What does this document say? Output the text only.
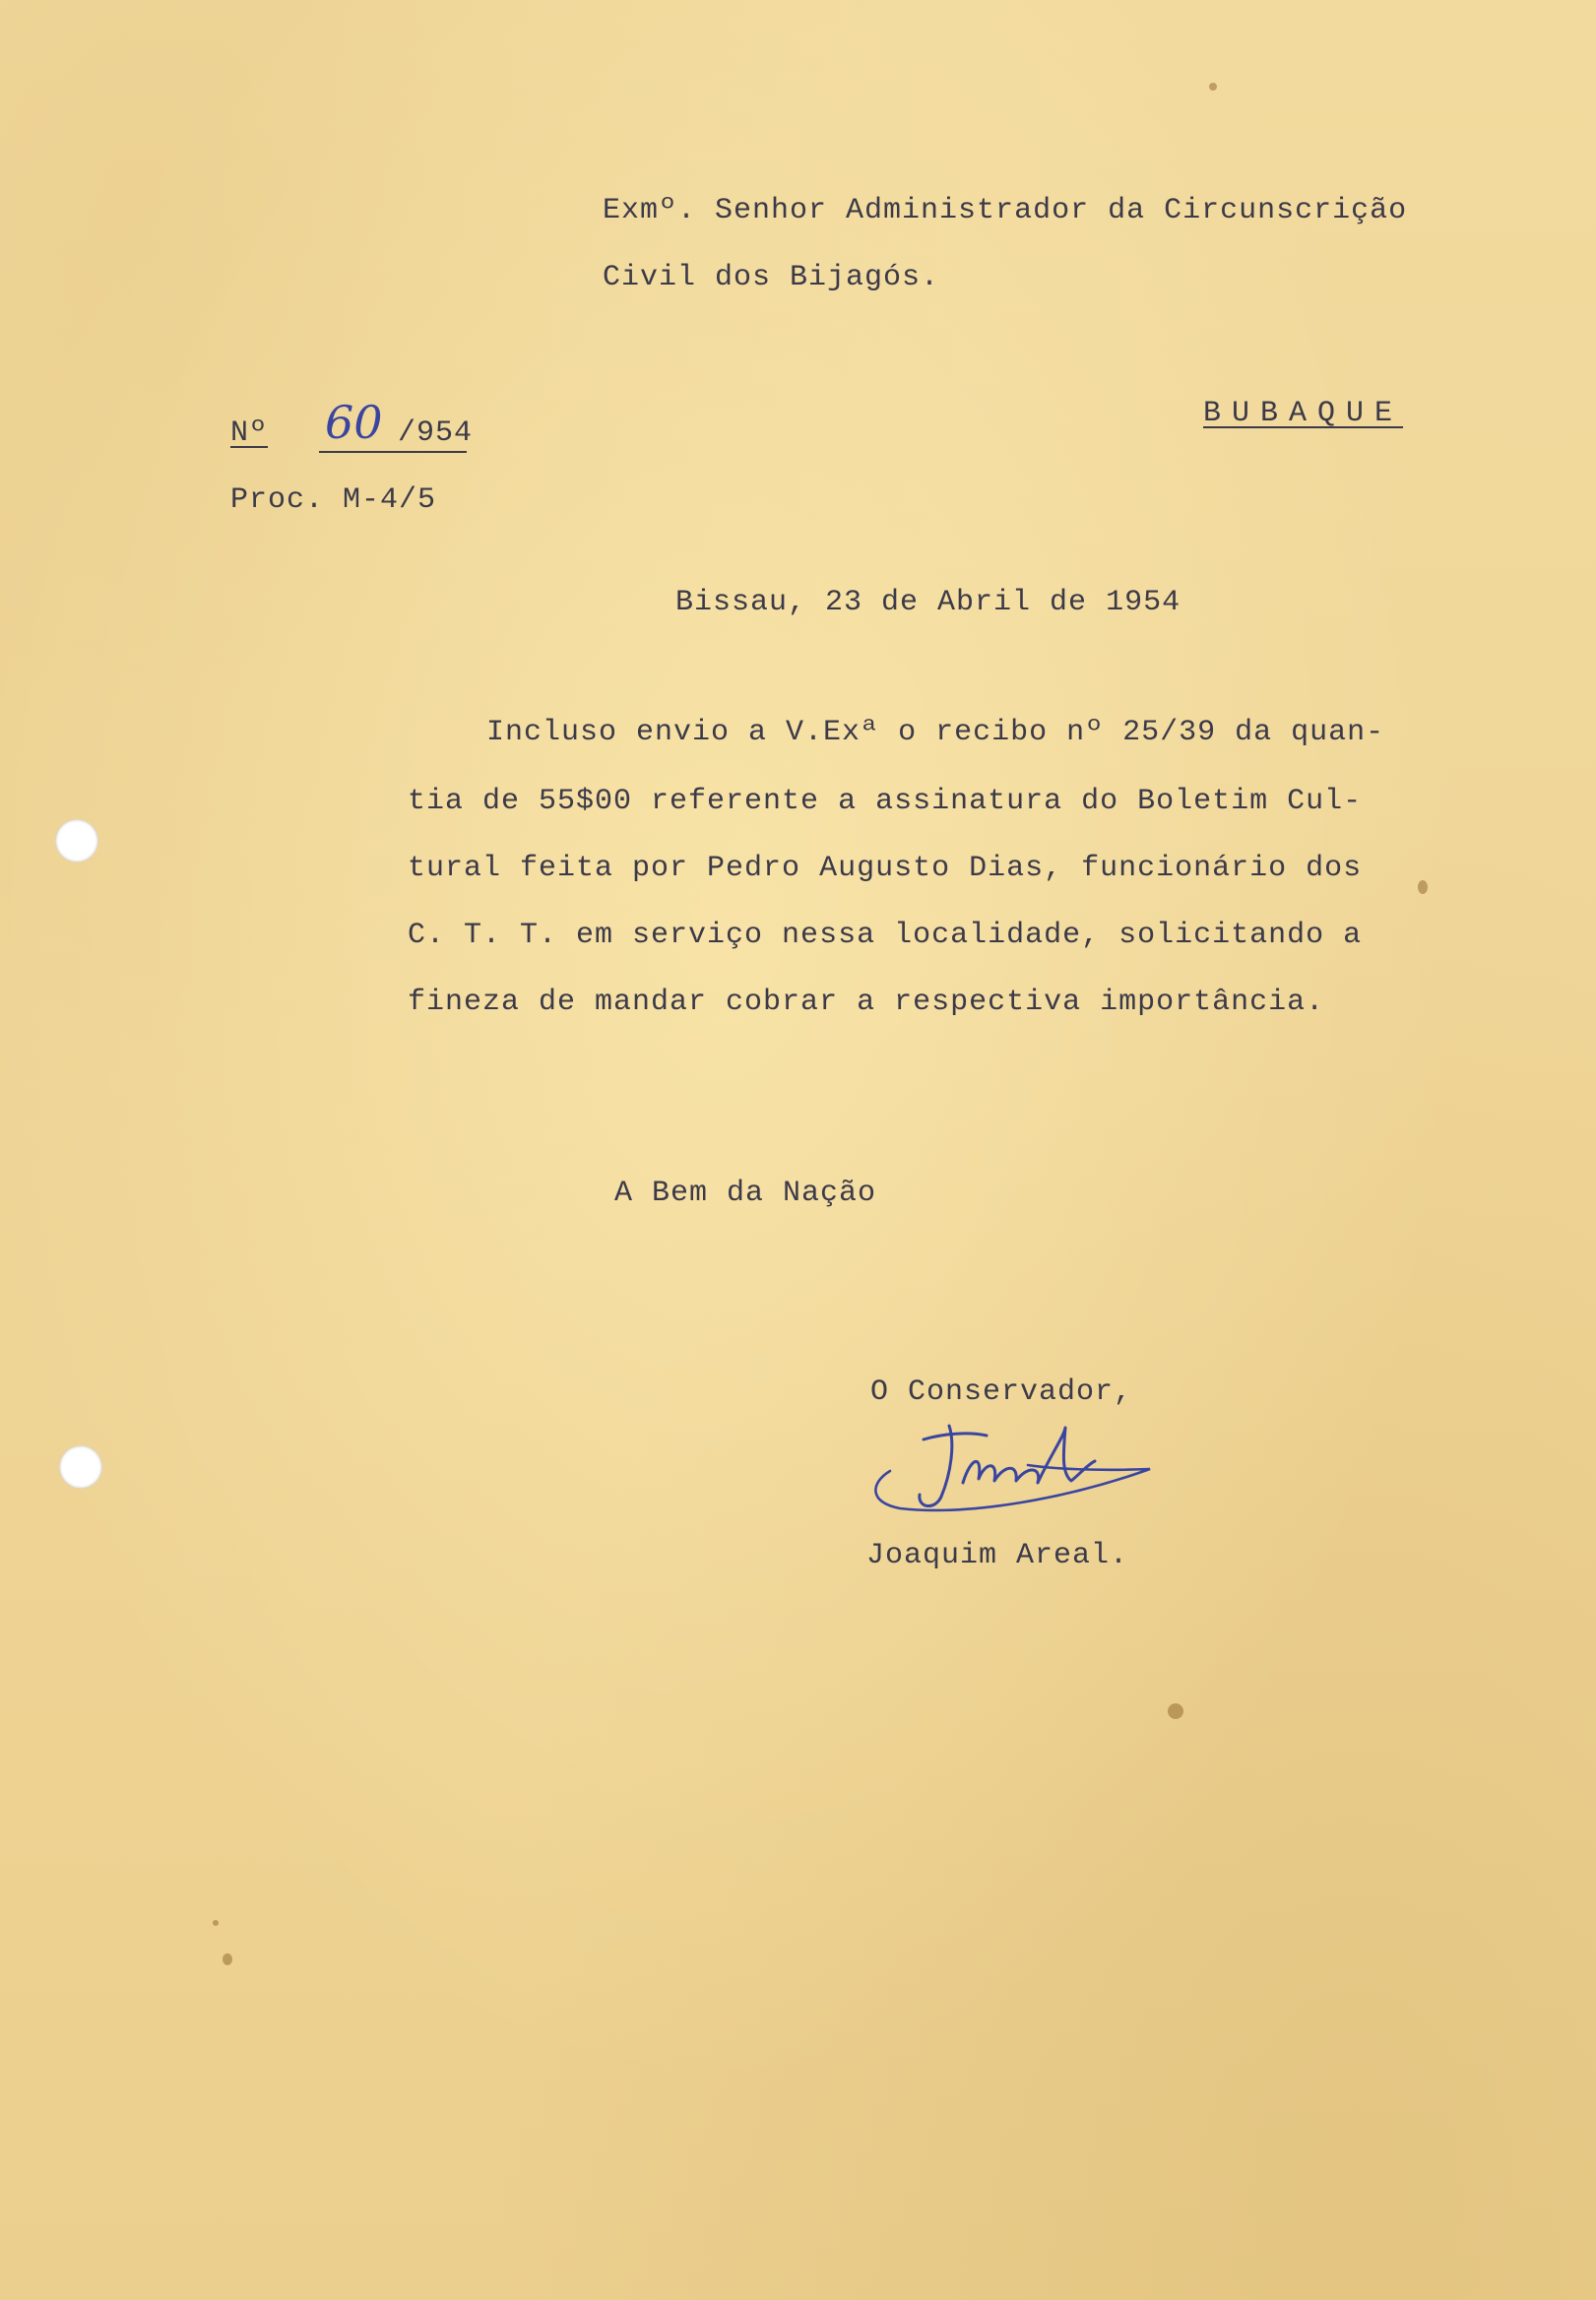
Exmº. Senhor Administrador da Circunscrição
Civil dos Bijagós.
BUBAQUE
Nº 60 /954
Proc. M-4/5
Bissau, 23 de Abril de 1954
Incluso envio a V.Exª o recibo nº 25/39 da quan-
tia de 55$00 referente a assinatura do Boletim Cul-
tural feita por Pedro Augusto Dias, funcionário dos
C. T. T. em serviço nessa localidade, solicitando a
fineza de mandar cobrar a respectiva importância.
A Bem da Nação
O Conservador,
Joaquim Areal.
